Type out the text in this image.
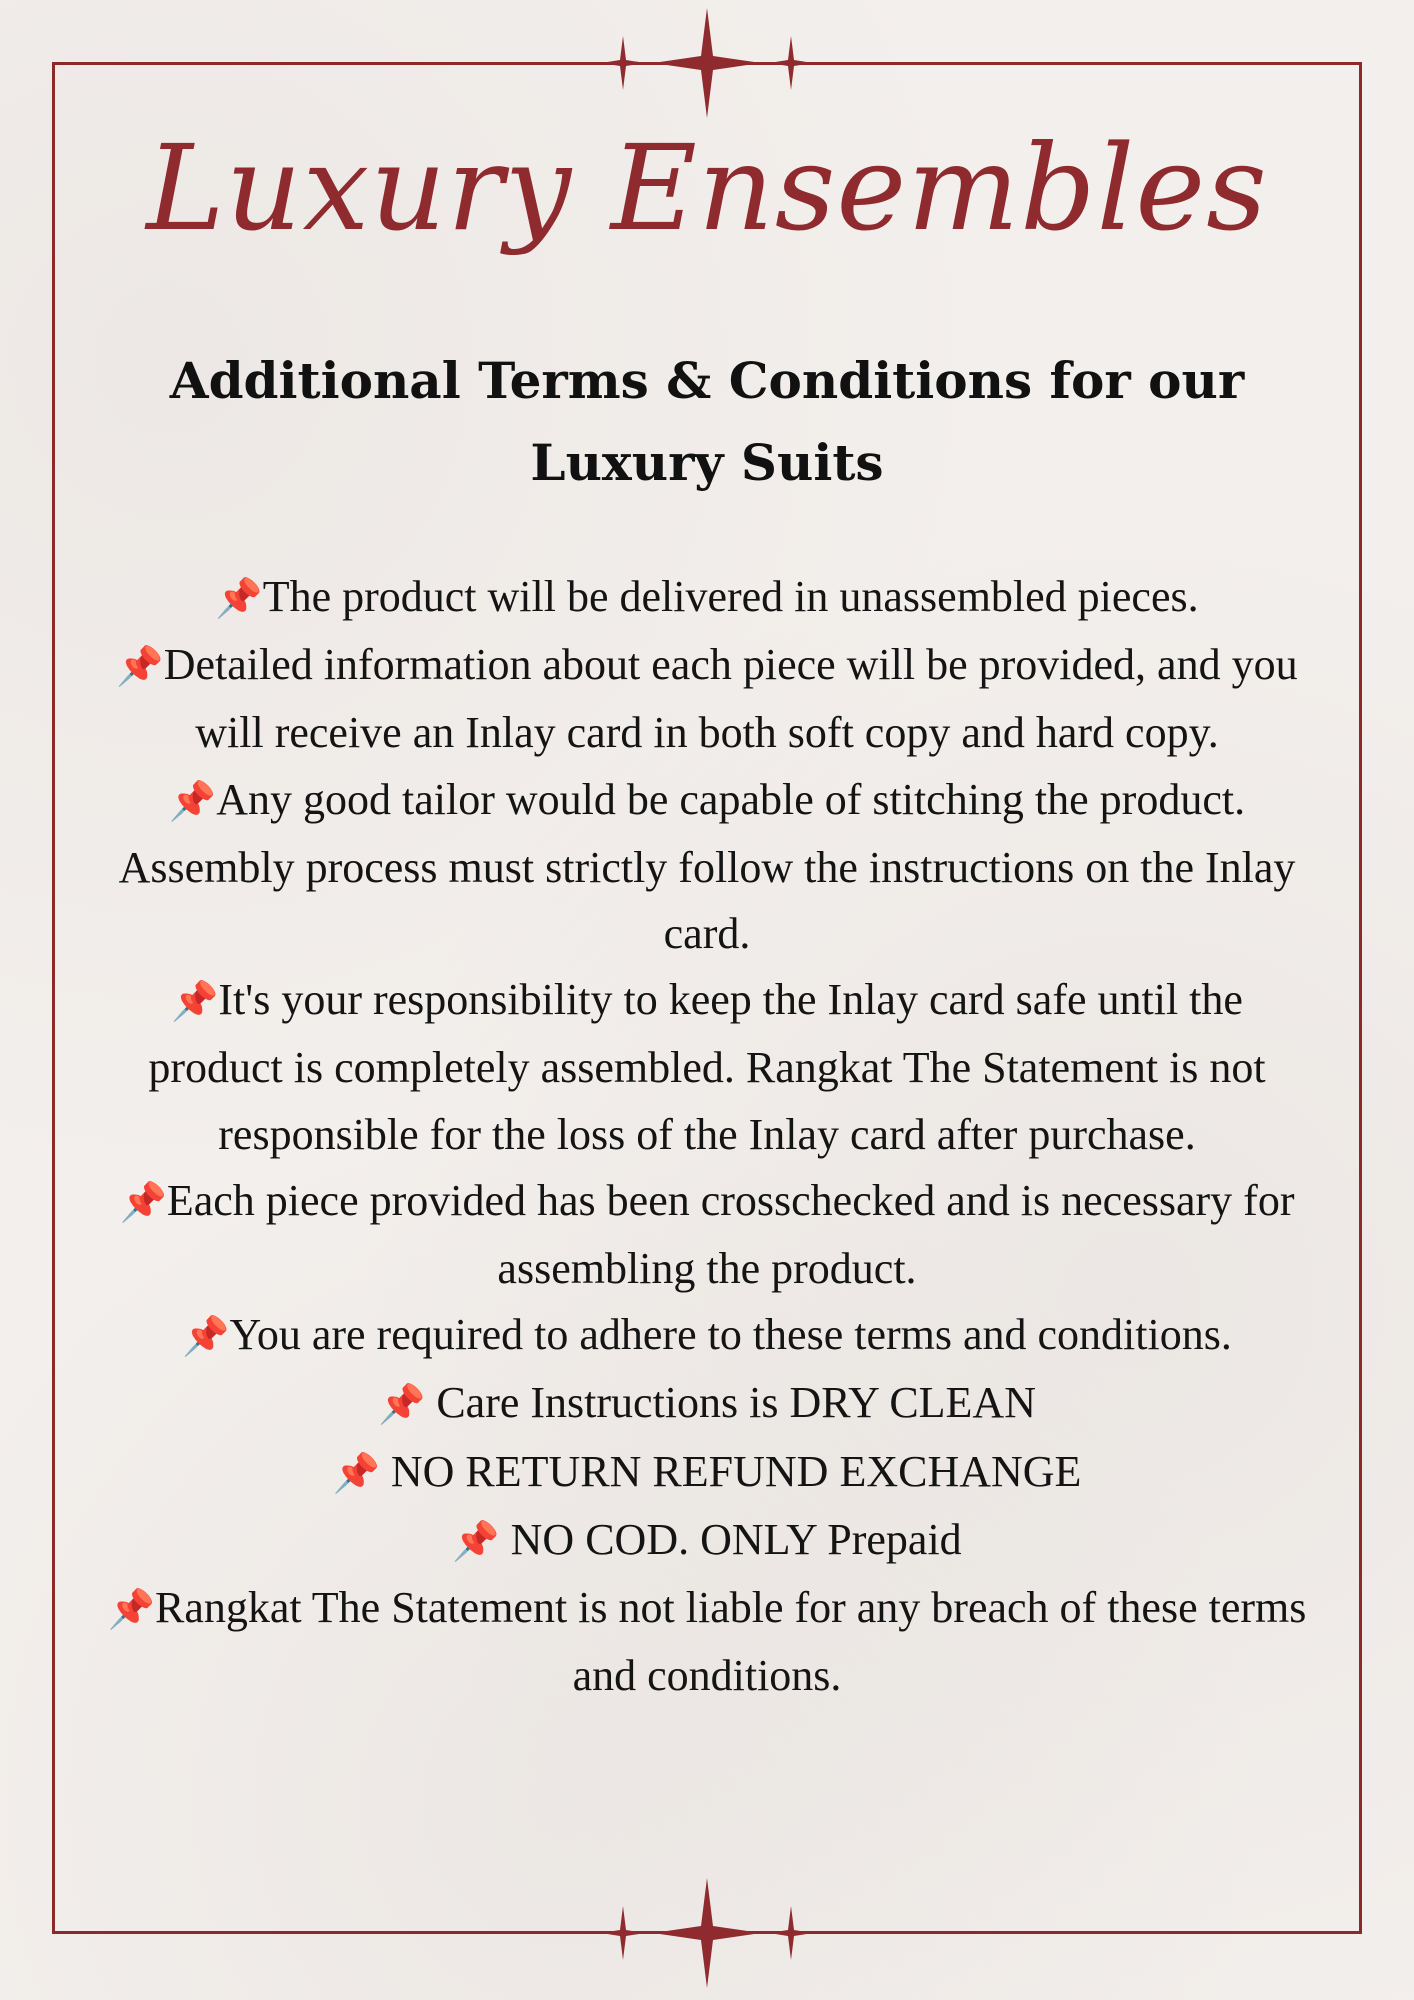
Luxury Ensembles
Additional Terms & Conditions for our
Luxury Suits

📌The product will be delivered in unassembled pieces.

📌Detailed information about each piece will be provided, and you will receive an Inlay card in both soft copy and hard copy.

📌Any good tailor would be capable of stitching the product. Assembly process must strictly follow the instructions on the Inlay card.

📌It's your responsibility to keep the Inlay card safe until the product is completely assembled. Rangkat The Statement is not responsible for the loss of the Inlay card after purchase.

📌Each piece provided has been crosschecked and is necessary for assembling the product.

📌You are required to adhere to these terms and conditions.

📌 Care Instructions is DRY CLEAN

📌 NO RETURN REFUND EXCHANGE

📌 NO COD. ONLY Prepaid

📌Rangkat The Statement is not liable for any breach of these terms and conditions.
